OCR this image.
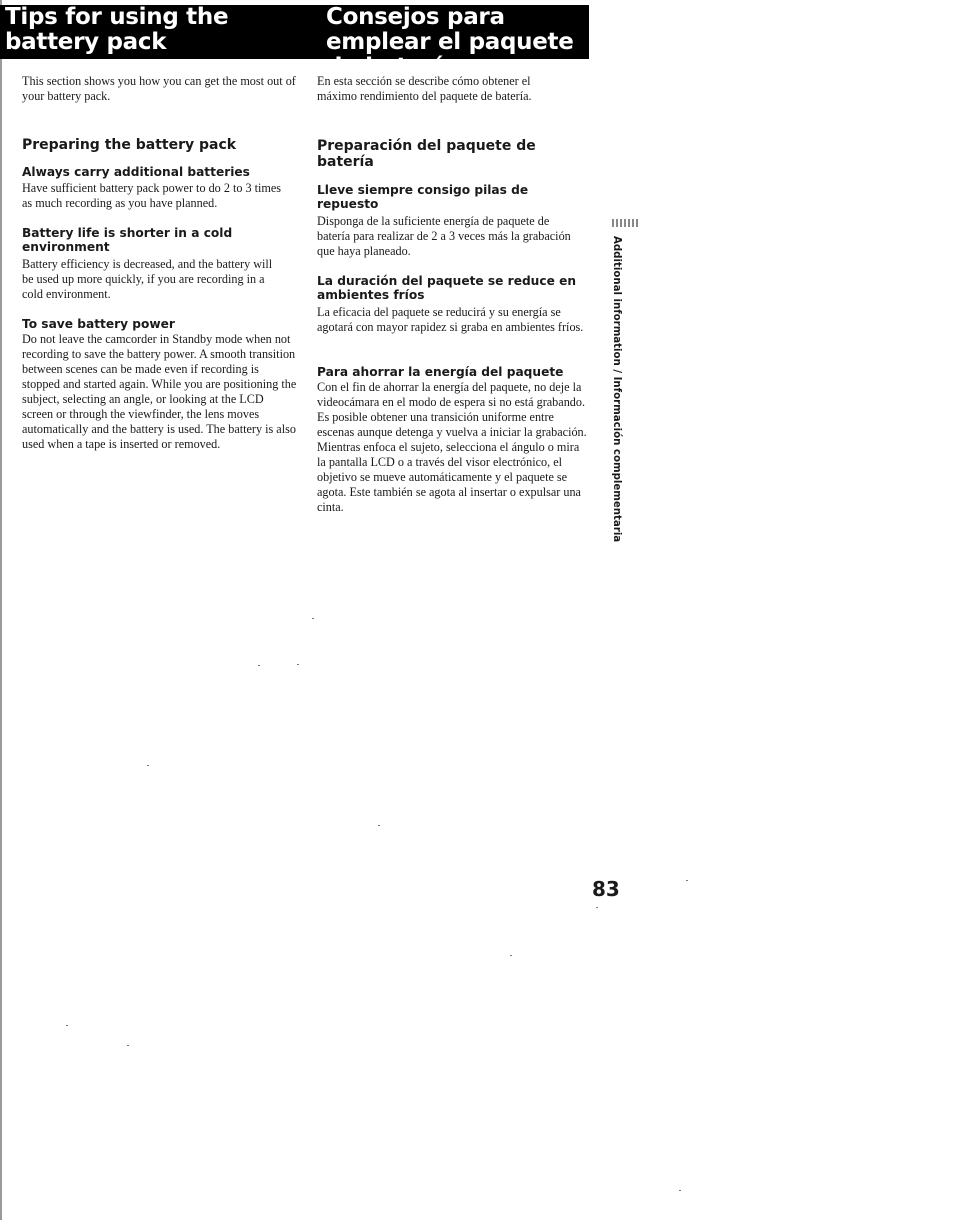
Tips for using the battery pack
Consejos para emplear el paquete de batería

This section shows you how you can get the most out of your battery pack.

Preparing the battery pack
Always carry additional batteries

Have sufficient battery pack power to do 2 to 3 times as much recording as you have planned.

Battery life is shorter in a cold environment

Battery efficiency is decreased, and the battery will be used up more quickly, if you are recording in a cold environment.

To save battery power

Do not leave the camcorder in Standby mode when not recording to save the battery power. A smooth transition between scenes can be made even if recording is stopped and started again. While you are positioning the subject, selecting an angle, or looking at the LCD screen or through the viewfinder, the lens moves automatically and the battery is used. The battery is also used when a tape is inserted or removed.

En esta sección se describe cómo obtener el máximo rendimiento del paquete de batería.

Preparación del paquete de batería
Lleve siempre consigo pilas de repuesto

Disponga de la suficiente energía de paquete de batería para realizar de 2 a 3 veces más la grabación que haya planeado.

La duración del paquete se reduce en ambientes fríos

La eficacia del paquete se reducirá y su energía se agotará con mayor rapidez si graba en ambientes fríos.

Para ahorrar la energía del paquete

Con el fin de ahorrar la energía del paquete, no deje la videocámara en el modo de espera si no está grabando. Es posible obtener una transición uniforme entre escenas aunque detenga y vuelva a iniciar la grabación. Mientras enfoca el sujeto, selecciona el ángulo o mira la pantalla LCD o a través del visor electrónico, el objetivo se mueve automáticamente y el paquete se agota. Este también se agota al insertar o expulsar una cinta.	Additional information / Información complementaria
83
